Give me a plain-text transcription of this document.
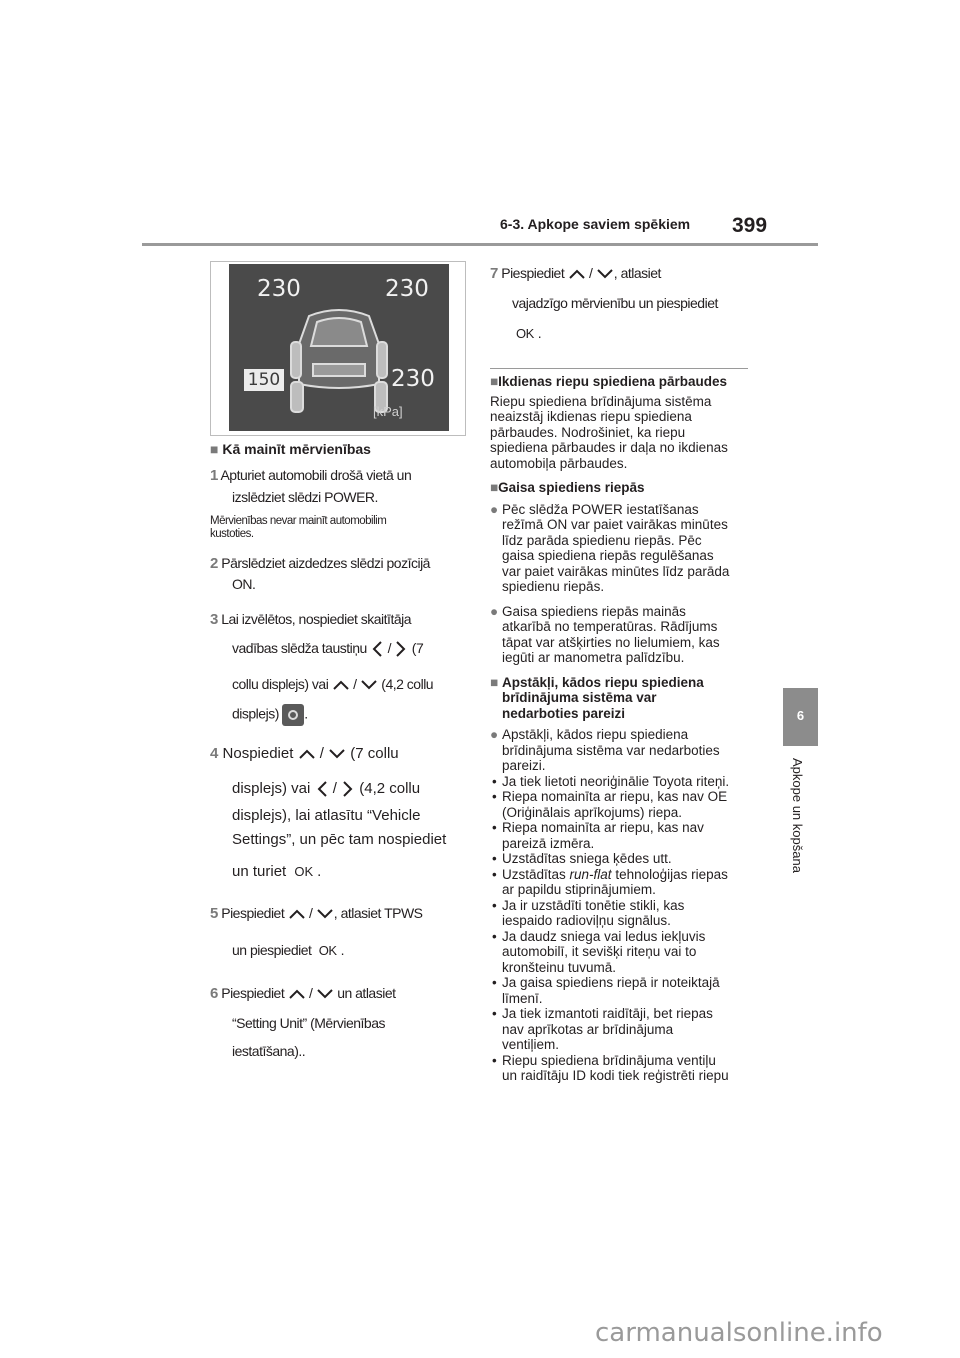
6-3. Apkope saviem spēkiem 399
6
Apkope un kopšana
230	230
150	230
[kPa]
■ Kā mainīt mērvienības
1 Apturiet automobili drošā vietā un
izslēdziet slēdzi POWER.
Mērvienības nevar mainīt automobilim
kustoties.
2 Pārslēdziet aizdedzes slēdzi pozīcijā
ON.
3 Lai izvēlētos, nospiediet skaitītāja
vadības slēdža taustiņu / (7
collu displejs) vai / (4,2 collu
displejs) .
4 Nospiediet / (7 collu
displejs) vai / (4,2 collu
displejs), lai atlasītu “Vehicle
Settings”, un pēc tam nospiediet
un turiet OK .
5 Piespiediet / , atlasiet TPWS
un piespiediet OK .
6 Piespiediet / un atlasiet
“Setting Unit” (Mērvienības
iestatīšana)..
7 Piespiediet / , atlasiet
vajadzīgo mērvienību un piespiediet
OK .
■Ikdienas riepu spiediena pārbaudes
Riepu spiediena brīdinājuma sistēma
neaizstāj ikdienas riepu spiediena
pārbaudes. Nodrošiniet, ka riepu
spiediena pārbaudes ir daļa no ikdienas
automobiļa pārbaudes.
■Gaisa spiediens riepās
● Pēc slēdža POWER iestatīšanas
režīmā ON var paiet vairākas minūtes
līdz parāda spiedienu riepās. Pēc
gaisa spiediena riepās regulēšanas
var paiet vairākas minūtes līdz parāda
spiedienu riepās.
● Gaisa spiediens riepās mainās
atkarībā no temperatūras. Rādījums
tāpat var atšķirties no lielumiem, kas
iegūti ar manometra palīdzību.
■ Apstākļi, kādos riepu spiediena
brīdinājuma sistēma var
nedarboties pareizi
● Apstākļi, kādos riepu spiediena
brīdinājuma sistēma var nedarboties
pareizi.
• Ja tiek lietoti neoriģinālie Toyota riteņi.
• Riepa nomainīta ar riepu, kas nav OE
(Oriģinālais aprīkojums) riepa.
• Riepa nomainīta ar riepu, kas nav
pareizā izmēra.
• Uzstādītas sniega ķēdes utt.
• Uzstādītas run-flat tehnoloģijas riepas
ar papildu stiprinājumiem.
• Ja ir uzstādīti tonētie stikli, kas
iespaido radioviļņu signālus.
• Ja daudz sniega vai ledus iekļuvis
automobilī, it sevišķi riteņu vai to
kronšteinu tuvumā.
• Ja gaisa spiediens riepā ir noteiktajā
līmenī.
• Ja tiek izmantoti raidītāji, bet riepas
nav aprīkotas ar brīdinājuma
ventiļiem.
• Riepu spiediena brīdinājuma ventiļu
un raidītāju ID kodi tiek reģistrēti riepu
carmanualsonline.info
